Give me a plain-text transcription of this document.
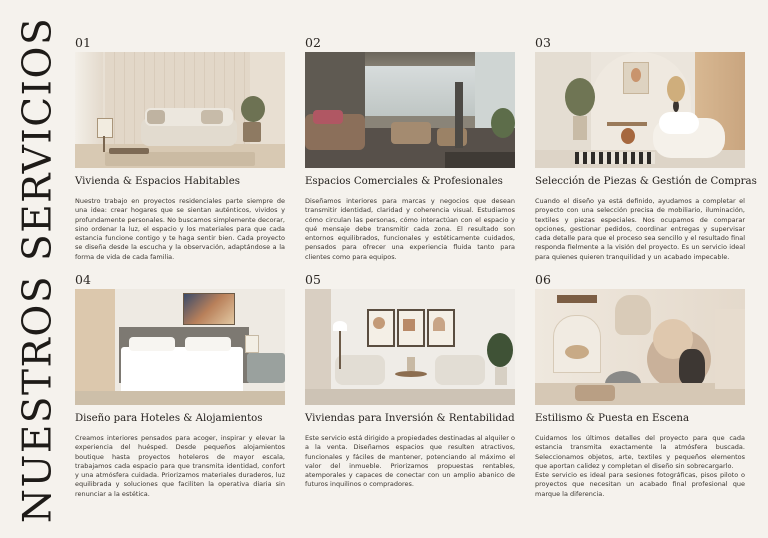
NUESTROS SERVICIOS 01
Vivienda & Espacios Habitables
Nuestro trabajo en proyectos residenciales parte siempre de una idea: crear hogares que se sientan auténticos, vividos y profundamente personales. No buscamos simplemente decorar, sino ordenar la luz, el espacio y los materiales para que cada estancia funcione contigo y te haga sentir bien. Cada proyecto se diseña desde la escucha y la observación, adaptándose a la forma de vida de cada familia.
02
Espacios Comerciales & Profesionales
Diseñamos interiores para marcas y negocios que desean transmitir identidad, claridad y coherencia visual. Estudiamos cómo circulan las personas, cómo interactúan con el espacio y qué mensaje debe transmitir cada zona. El resultado son entornos equilibrados, funcionales y estéticamente cuidados, pensados para ofrecer una experiencia fluida tanto para clientes como para equipos.
03
Selección de Piezas & Gestión de Compras
Cuando el diseño ya está definido, ayudamos a completar el proyecto con una selección precisa de mobiliario, iluminación, textiles y piezas especiales. Nos ocupamos de comparar opciones, gestionar pedidos, coordinar entregas y supervisar cada detalle para que el proceso sea sencillo y el resultado final responda fielmente a la visión del proyecto. Es un servicio ideal para quienes quieren tranquilidad y un acabado impecable.
04
Diseño para Hoteles & Alojamientos
Creamos interiores pensados para acoger, inspirar y elevar la experiencia del huésped. Desde pequeños alojamientos boutique hasta proyectos hoteleros de mayor escala, trabajamos cada espacio para que transmita identidad, confort y una atmósfera cuidada. Priorizamos materiales duraderos, luz equilibrada y soluciones que faciliten la operativa diaria sin renunciar a la estética.
05
Viviendas para Inversión & Rentabilidad
Este servicio está dirigido a propiedades destinadas al alquiler o a la venta. Diseñamos espacios que resulten atractivos, funcionales y fáciles de mantener, potenciando al máximo el valor del inmueble. Priorizamos propuestas rentables, atemporales y capaces de conectar con un amplio abanico de futuros inquilinos o compradores.
06
Estilismo & Puesta en Escena
Cuidamos los últimos detalles del proyecto para que cada estancia transmita exactamente la atmósfera buscada. Seleccionamos objetos, arte, textiles y pequeños elementos que aportan calidez y completan el diseño sin sobrecargarlo.
Este servicio es ideal para sesiones fotográficas, pisos piloto o proyectos que necesitan un acabado final profesional que marque la diferencia.
